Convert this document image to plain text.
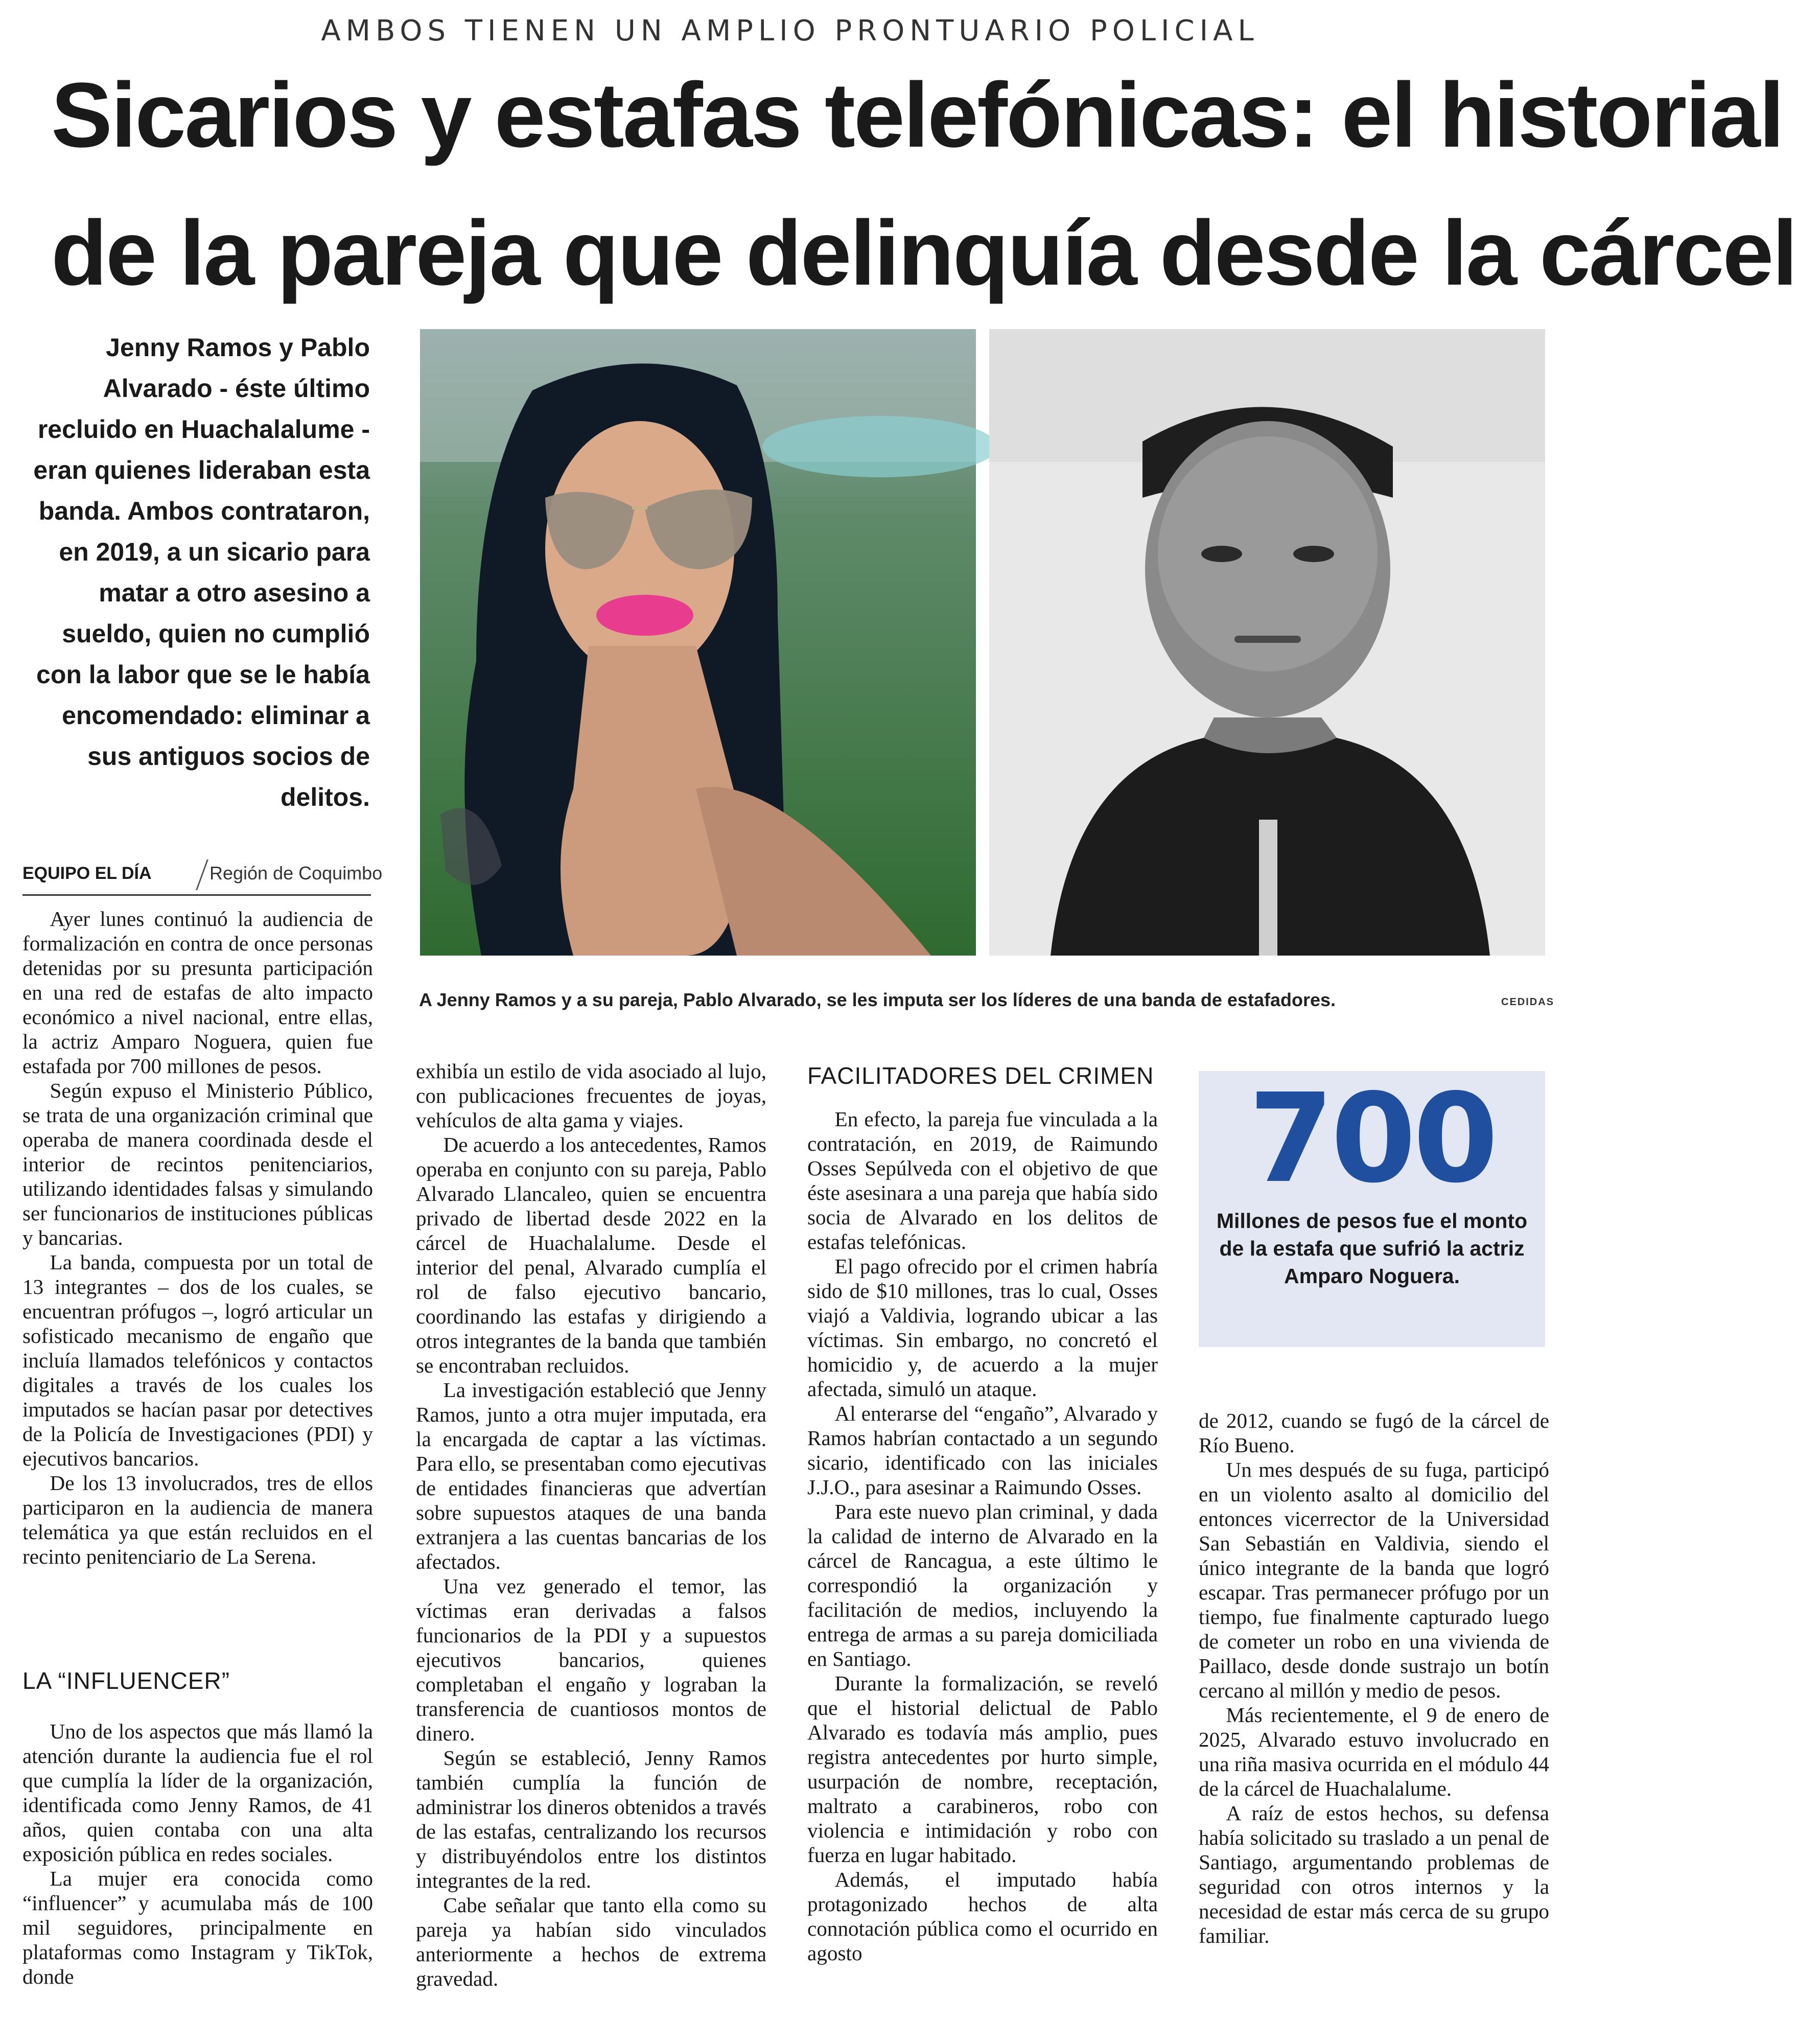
AMBOS TIENEN UN AMPLIO PRONTUARIO POLICIAL
Sicarios y estafas telefónicas: el historial
de la pareja que delinquía desde la cárcel
Jenny Ramos y Pablo Alvarado - éste último recluido en Huachalalume - eran quienes lideraban esta banda. Ambos contrataron, en 2019, a un sicario para matar a otro asesino a sueldo, quien no cumplió con la labor que se le había encomendado: eliminar a sus antiguos socios de delitos.
EQUIPO EL DÍA	Región de Coquimbo
A Jenny Ramos y a su pareja, Pablo Alvarado, se les imputa ser los líderes de una banda de estafadores.	CEDIDAS

Ayer lunes continuó la audiencia de formalización en contra de once personas detenidas por su presunta participación en una red de estafas de alto impacto económico a nivel nacional, entre ellas, la actriz Amparo Noguera, quien fue estafada por 700 millones de pesos.

Según expuso el Ministerio Público, se trata de una organización criminal que operaba de manera coordinada desde el interior de recintos penitenciarios, utilizando identidades falsas y simulando ser funcionarios de instituciones públicas y bancarias.

La banda, compuesta por un total de 13 integrantes – dos de los cuales, se encuentran prófugos –, logró articular un sofisticado mecanismo de engaño que incluía llamados telefónicos y contactos digitales a través de los cuales los imputados se hacían pasar por detectives de la Policía de Investigaciones (PDI) y ejecutivos bancarios.

De los 13 involucrados, tres de ellos participaron en la audiencia de manera telemática ya que están recluidos en el recinto penitenciario de La Serena.

LA “INFLUENCER”

Uno de los aspectos que más llamó la atención durante la audiencia fue el rol que cumplía la líder de la organización, identificada como Jenny Ramos, de 41 años, quien contaba con una alta exposición pública en redes sociales.

La mujer era conocida como “influencer” y acumulaba más de 100 mil seguidores, principalmente en plataformas como Instagram y TikTok, donde

exhibía un estilo de vida asociado al lujo, con publicaciones frecuentes de joyas, vehículos de alta gama y viajes.

De acuerdo a los antecedentes, Ramos operaba en conjunto con su pareja, Pablo Alvarado Llancaleo, quien se encuentra privado de libertad desde 2022 en la cárcel de Huachalalume. Desde el interior del penal, Alvarado cumplía el rol de falso ejecutivo bancario, coordinando las estafas y dirigiendo a otros integrantes de la banda que también se encontraban recluidos.

La investigación estableció que Jenny Ramos, junto a otra mujer imputada, era la encargada de captar a las víctimas. Para ello, se presentaban como ejecutivas de entidades financieras que advertían sobre supuestos ataques de una banda extranjera a las cuentas bancarias de los afectados.

Una vez generado el temor, las víctimas eran derivadas a falsos funcionarios de la PDI y a supuestos ejecutivos bancarios, quienes completaban el engaño y lograban la transferencia de cuantiosos montos de dinero.

Según se estableció, Jenny Ramos también cumplía la función de administrar los dineros obtenidos a través de las estafas, centralizando los recursos y distribuyéndolos entre los distintos integrantes de la red.

Cabe señalar que tanto ella como su pareja ya habían sido vinculados anteriormente a hechos de extrema gravedad.

FACILITADORES DEL CRIMEN

En efecto, la pareja fue vinculada a la contratación, en 2019, de Raimundo Osses Sepúlveda con el objetivo de que éste asesinara a una pareja que había sido socia de Alvarado en los delitos de estafas telefónicas.

El pago ofrecido por el crimen habría sido de $10 millones, tras lo cual, Osses viajó a Valdivia, logrando ubicar a las víctimas. Sin embargo, no concretó el homicidio y, de acuerdo a la mujer afectada, simuló un ataque.

Al enterarse del “engaño”, Alvarado y Ramos habrían contactado a un segundo sicario, identificado con las iniciales J.J.O., para asesinar a Raimundo Osses.

Para este nuevo plan criminal, y dada la calidad de interno de Alvarado en la cárcel de Rancagua, a este último le correspondió la organización y facilitación de medios, incluyendo la entrega de armas a su pareja domiciliada en Santiago.

Durante la formalización, se reveló que el historial delictual de Pablo Alvarado es todavía más amplio, pues registra antecedentes por hurto simple, usurpación de nombre, receptación, maltrato a carabineros, robo con violencia e intimidación y robo con fuerza en lugar habitado.

Además, el imputado había protagonizado hechos de alta connotación pública como el ocurrido en agosto

700
Millones de pesos fue el monto de la estafa que sufrió la actriz Amparo Noguera.

de 2012, cuando se fugó de la cárcel de Río Bueno.

Un mes después de su fuga, participó en un violento asalto al domicilio del entonces vicerrector de la Universidad San Sebastián en Valdivia, siendo el único integrante de la banda que logró escapar. Tras permanecer prófugo por un tiempo, fue finalmente capturado luego de cometer un robo en una vivienda de Paillaco, desde donde sustrajo un botín cercano al millón y medio de pesos.

Más recientemente, el 9 de enero de 2025, Alvarado estuvo involucrado en una riña masiva ocurrida en el módulo 44 de la cárcel de Huachalalume.

A raíz de estos hechos, su defensa había solicitado su traslado a un penal de Santiago, argumentando problemas de seguridad con otros internos y la necesidad de estar más cerca de su grupo familiar.
